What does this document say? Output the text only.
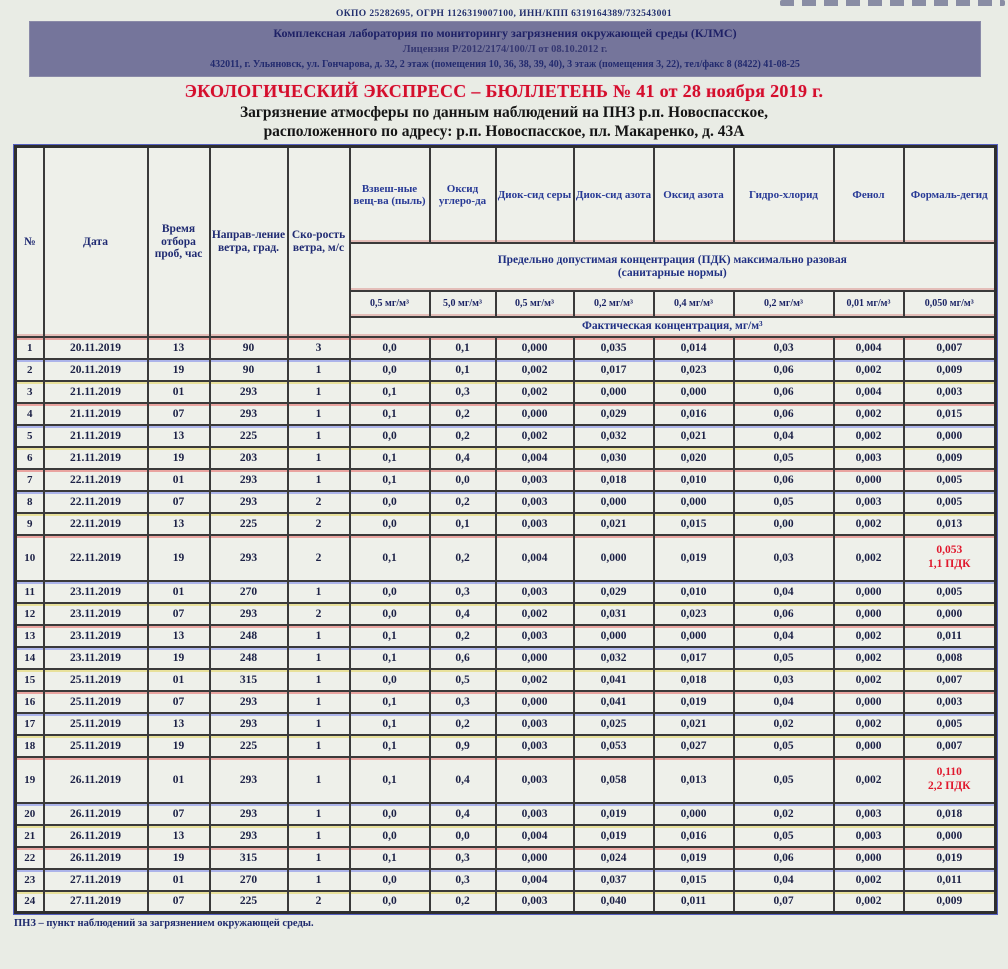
ОКПО 25282695, ОГРН 1126319007100, ИНН/КПП 6319164389/732543001
Комплексная лаборатория по мониторингу загрязнения окружающей среды (КЛМС)
Лицензия Р/2012/2174/100/Л от 08.10.2012 г.
432011, г. Ульяновск, ул. Гончарова, д. 32, 2 этаж (помещения 10, 36, 38, 39, 40), 3 этаж (помещения 3, 22), тел/факс 8 (8422) 41-08-25
ЭКОЛОГИЧЕСКИЙ ЭКСПРЕСС – БЮЛЛЕТЕНЬ № 41 от 28 ноября 2019 г.
Загрязнение атмосферы по данным наблюдений на ПНЗ р.п. Новоспасское,
расположенного по адресу: р.п. Новоспасское, пл. Макаренко, д. 43А
№	Дата	Время отбора проб, час	Направ-ление ветра, град.	Ско-рость ветра, м/с	Взвеш-ные вещ-ва (пыль)	Оксид углеро-да	Диок-сид серы	Диок-сид азота	Оксид азота	Гидро-хлорид	Фенол	Формаль-дегид

					Предельно допустимая концентрация (ПДК) максимально разовая
(санитарные нормы)							

					0,5 мг/м³	5,0 мг/м³	0,5 мг/м³	0,2 мг/м³	0,4 мг/м³	0,2 мг/м³	0,01 мг/м³	0,050 мг/м³
					Фактическая концентрация, мг/м³							
1	20.11.2019	13	90	3	0,0	0,1	0,000	0,035	0,014	0,03	0,004	0,007
2	20.11.2019	19	90	1	0,0	0,1	0,002	0,017	0,023	0,06	0,002	0,009
3	21.11.2019	01	293	1	0,1	0,3	0,002	0,000	0,000	0,06	0,004	0,003
4	21.11.2019	07	293	1	0,1	0,2	0,000	0,029	0,016	0,06	0,002	0,015
5	21.11.2019	13	225	1	0,0	0,2	0,002	0,032	0,021	0,04	0,002	0,000
6	21.11.2019	19	203	1	0,1	0,4	0,004	0,030	0,020	0,05	0,003	0,009
7	22.11.2019	01	293	1	0,1	0,0	0,003	0,018	0,010	0,06	0,000	0,005
8	22.11.2019	07	293	2	0,0	0,2	0,003	0,000	0,000	0,05	0,003	0,005
9	22.11.2019	13	225	2	0,0	0,1	0,003	0,021	0,015	0,00	0,002	0,013
10	22.11.2019	19	293	2	0,1	0,2	0,004	0,000	0,019	0,03	0,002	0,053
1,1 ПДК

11	23.11.2019	01	270	1	0,0	0,3	0,003	0,029	0,010	0,04	0,000	0,005
12	23.11.2019	07	293	2	0,0	0,4	0,002	0,031	0,023	0,06	0,000	0,000
13	23.11.2019	13	248	1	0,1	0,2	0,003	0,000	0,000	0,04	0,002	0,011
14	23.11.2019	19	248	1	0,1	0,6	0,000	0,032	0,017	0,05	0,002	0,008
15	25.11.2019	01	315	1	0,0	0,5	0,002	0,041	0,018	0,03	0,002	0,007
16	25.11.2019	07	293	1	0,1	0,3	0,000	0,041	0,019	0,04	0,000	0,003
17	25.11.2019	13	293	1	0,1	0,2	0,003	0,025	0,021	0,02	0,002	0,005
18	25.11.2019	19	225	1	0,1	0,9	0,003	0,053	0,027	0,05	0,000	0,007
19	26.11.2019	01	293	1	0,1	0,4	0,003	0,058	0,013	0,05	0,002	0,110
2,2 ПДК

20	26.11.2019	07	293	1	0,0	0,4	0,003	0,019	0,000	0,02	0,003	0,018
21	26.11.2019	13	293	1	0,0	0,0	0,004	0,019	0,016	0,05	0,003	0,000
22	26.11.2019	19	315	1	0,1	0,3	0,000	0,024	0,019	0,06	0,000	0,019
23	27.11.2019	01	270	1	0,0	0,3	0,004	0,037	0,015	0,04	0,002	0,011
24	27.11.2019	07	225	2	0,0	0,2	0,003	0,040	0,011	0,07	0,002	0,009
ПНЗ – пункт наблюдений за загрязнением окружающей среды.
